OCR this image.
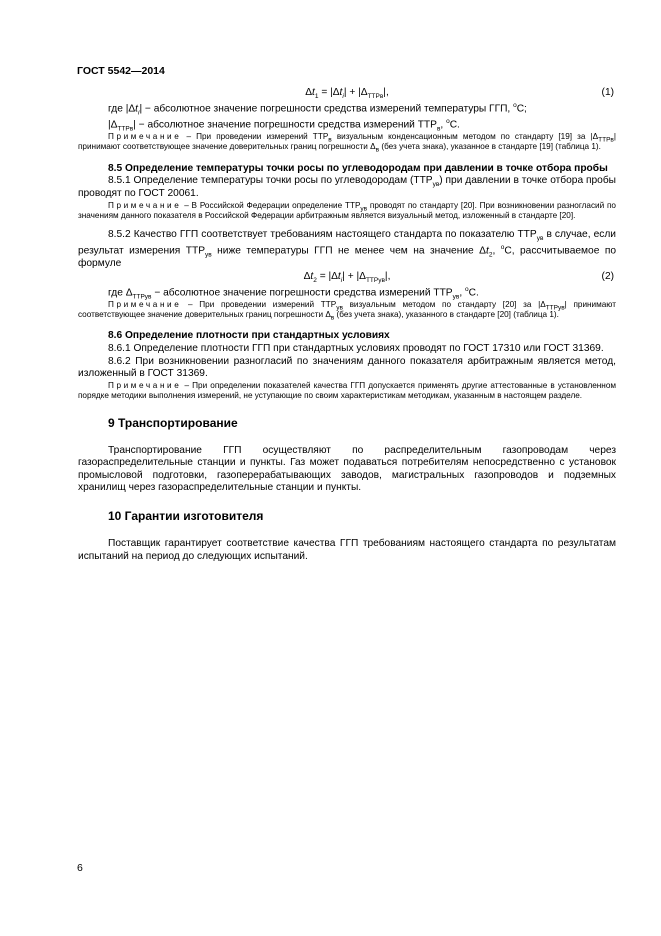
ГОСТ 5542—2014
$\Delta t_1 = |\Delta t_i| + |\Delta_{ТТРв}|$,	(1)

где $|\Delta t_i|$ − абсолютное значение погрешности средства измерений температуры ГГП, $^о$С;

$|\Delta_{ТТРв}|$ − абсолютное значение погрешности средства измерений $ТТР_в$, $^о$С.

Примечание – При проведении измерений $ТТР_в$ визуальным конденсационным методом по стандарту [19] за $|\Delta_{ТТРв}|$ принимают соответствующее значение доверительных границ погрешности $\Delta_в$ (без учета знака), указанное в стандарте [19] (таблица 1).

8.5 Определение температуры точки росы по углеводородам при давлении в точке отбора пробы

8.5.1 Определение температуры точки росы по углеводородам $(ТТР_{ув})$ при давлении в точке отбора пробы проводят по ГОСТ 20061.

Примечание – В Российской Федерации определение $ТТР_{ув}$ проводят по стандарту [20]. При возникновении разногласий по значениям данного показателя в Российской Федерации арбитражным является визуальный метод, изложенный в стандарте [20].

8.5.2 Качество ГГП соответствует требованиям настоящего стандарта по показателю $ТТР_{ув}$ в случае, если результат измерения $ТТР_{ув}$ ниже температуры ГГП не менее чем на значение $\Delta t_2$, $^о$С, рассчитываемое по формуле

$\Delta t_2 = |\Delta t_i| + |\Delta_{ТТРув}|$,	(2)

где $\Delta_{ТТРув}$ − абсолютное значение погрешности средства измерений $ТТР_{ув}$, $^о$С.

Примечание – При проведении измерений $ТТР_{ув}$ визуальным методом по стандарту [20] за $|\Delta_{ТТРув}|$ принимают соответствующее значение доверительных границ погрешности $\Delta_в$ (без учета знака), указанного в стандарте [20] (таблица 1).

8.6 Определение плотности при стандартных условиях

8.6.1 Определение плотности ГГП при стандартных условиях проводят по ГОСТ 17310 или ГОСТ 31369.

8.6.2 При возникновении разногласий по значениям данного показателя арбитражным является метод, изложенный в ГОСТ 31369.

Примечание – При определении показателей качества ГГП допускается применять другие аттестованные в установленном порядке методики выполнения измерений, не уступающие по своим характеристикам методикам, указанным в настоящем разделе.

9 Транспортирование

Транспортирование ГГП осуществляют по распределительным газопроводам через газораспределительные станции и пункты. Газ может подаваться потребителям непосредственно с установок промысловой подготовки, газоперерабатывающих заводов, магистральных газопроводов и подземных хранилищ через газораспределительные станции и пункты.

10 Гарантии изготовителя

Поставщик гарантирует соответствие качества ГГП требованиям настоящего стандарта по результатам испытаний на период до следующих испытаний.

6
